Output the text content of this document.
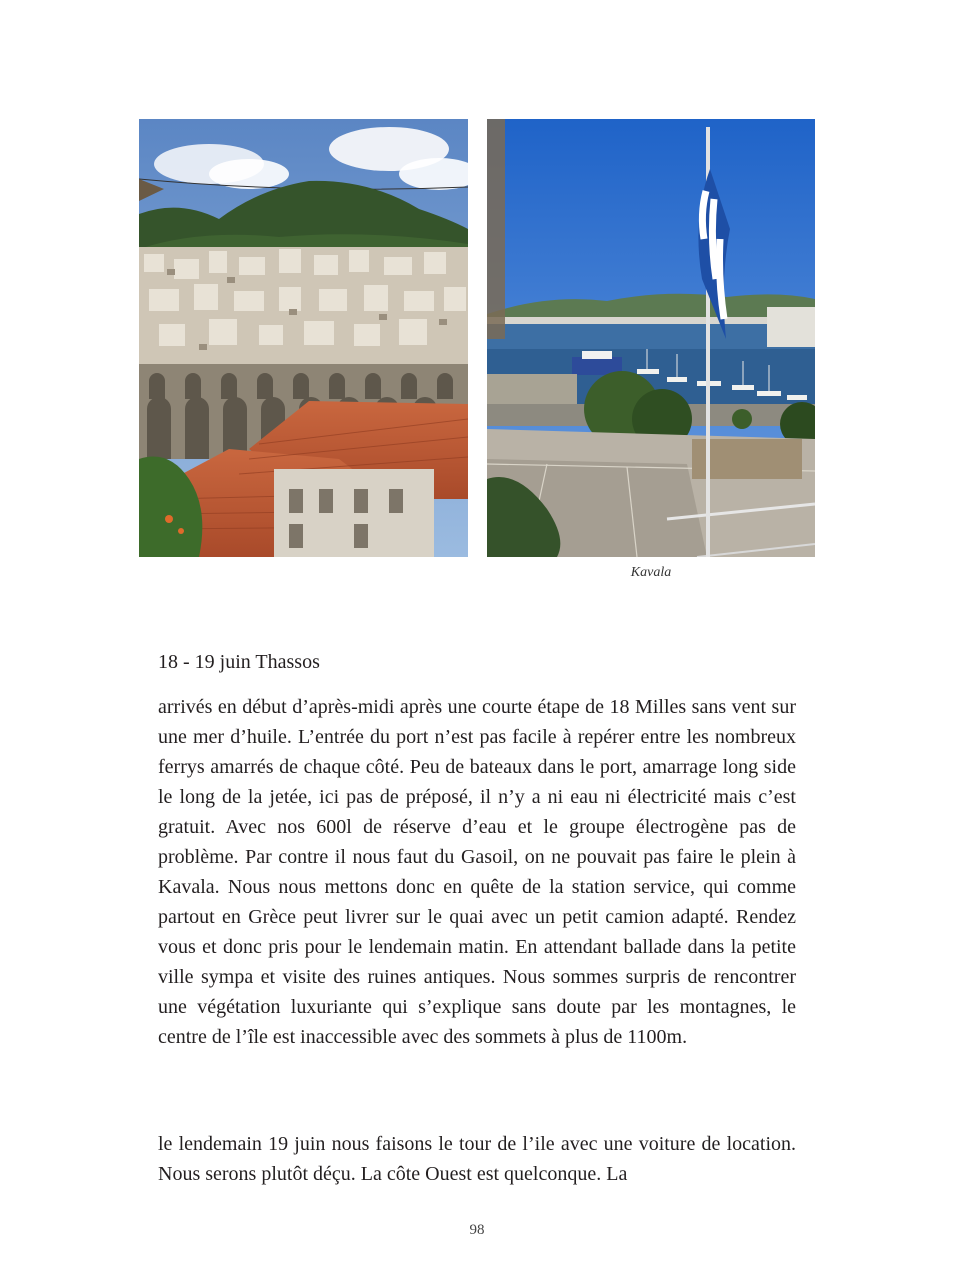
Kavala
18 - 19 juin Thassos

arrivés en début d’après-midi après une courte étape de 18 Milles sans vent sur une mer d’huile. L’entrée du port n’est pas facile à repérer entre les nombreux ferrys amarrés de chaque côté. Peu de bateaux dans le port, amarrage long side le long de la jetée, ici pas de préposé, il n’y a ni eau ni électricité mais c’est gratuit. Avec nos 600l de réserve d’eau et le groupe électrogène pas de problème. Par contre il nous faut du Gasoil, on ne pouvait pas faire le plein à Kavala. Nous nous mettons donc en quête de la station service, qui comme partout en Grèce peut livrer sur le quai avec un petit camion adapté. Rendez vous et donc pris pour le lendemain matin. En attendant ballade dans la petite ville sympa et visite des ruines antiques. Nous sommes surpris de rencontrer une végétation luxuriante qui s’explique sans doute par les montagnes, le centre de l’île est inaccessible avec des sommets à plus de 1100m.

le lendemain 19 juin nous faisons le tour de l’ile avec une voiture de location. Nous serons plutôt déçu. La côte Ouest est quelconque. La

98
